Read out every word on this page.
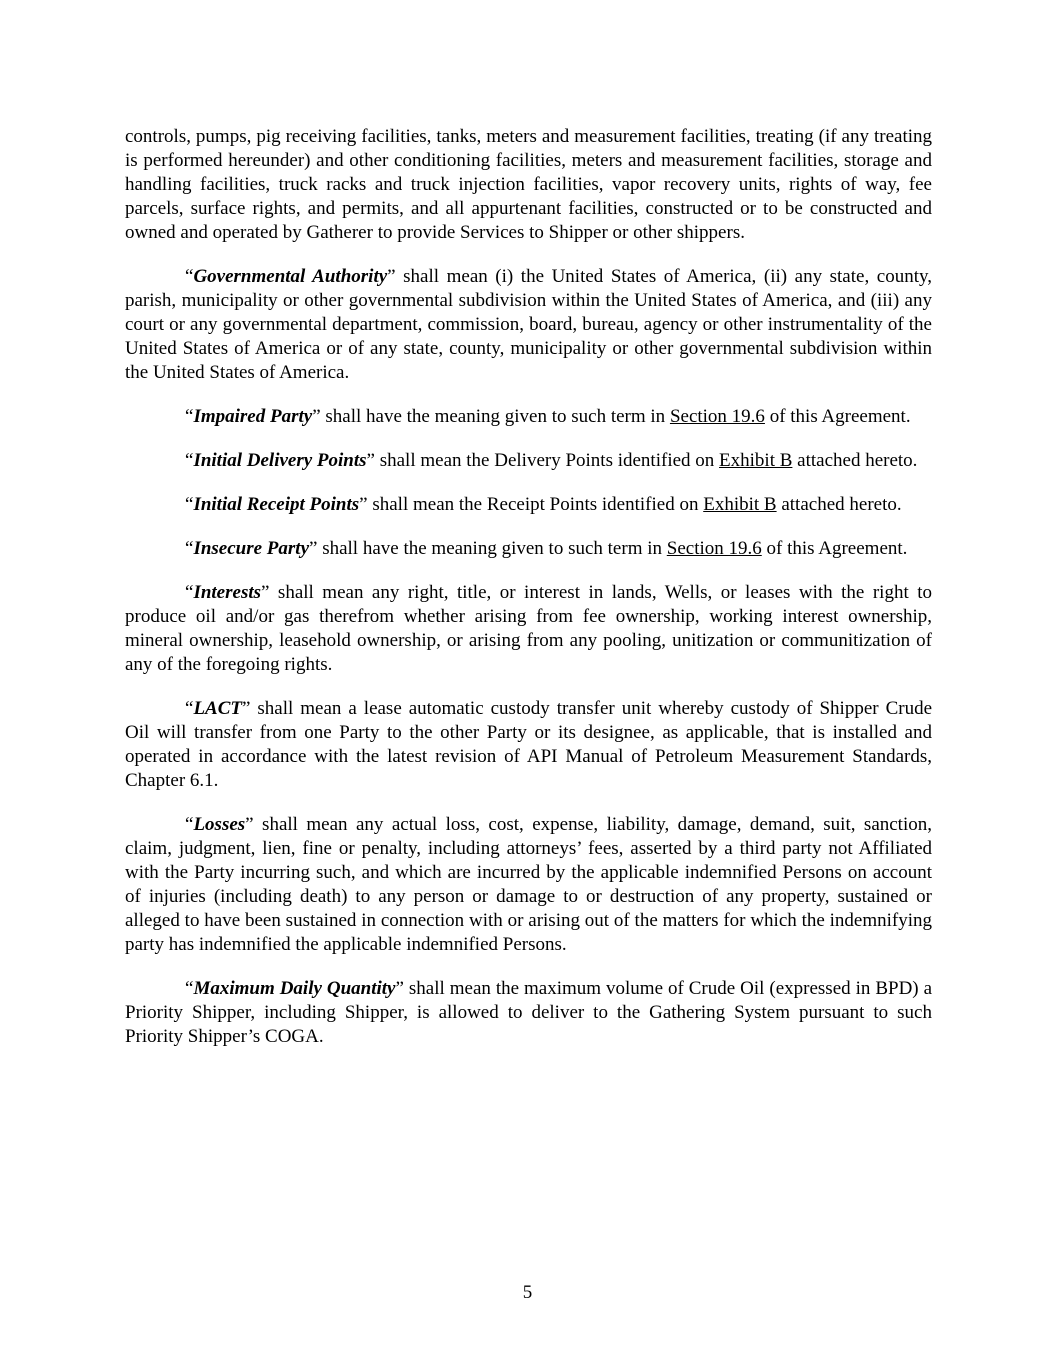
controls, pumps, pig receiving facilities, tanks, meters and measurement facilities, treating (if any treating is performed hereunder) and other conditioning facilities, meters and measurement facilities, storage and handling facilities, truck racks and truck injection facilities, vapor recovery units, rights of way, fee parcels, surface rights, and permits, and all appurtenant facilities, constructed or to be constructed and owned and operated by Gatherer to provide Services to Shipper or other shippers.

“Governmental Authority” shall mean (i) the United States of America, (ii) any state, county, parish, municipality or other governmental subdivision within the United States of America, and (iii) any court or any governmental department, commission, board, bureau, agency or other instrumentality of the United States of America or of any state, county, municipality or other governmental subdivision within the United States of America.

“Impaired Party” shall have the meaning given to such term in Section 19.6 of this Agreement.

“Initial Delivery Points” shall mean the Delivery Points identified on Exhibit B attached hereto.

“Initial Receipt Points” shall mean the Receipt Points identified on Exhibit B attached hereto.

“Insecure Party” shall have the meaning given to such term in Section 19.6 of this Agreement.

“Interests” shall mean any right, title, or interest in lands, Wells, or leases with the right to produce oil and/or gas therefrom whether arising from fee ownership, working interest ownership, mineral ownership, leasehold ownership, or arising from any pooling, unitization or communitization of any of the foregoing rights.

“LACT” shall mean a lease automatic custody transfer unit whereby custody of Shipper Crude Oil will transfer from one Party to the other Party or its designee, as applicable, that is installed and operated in accordance with the latest revision of API Manual of Petroleum Measurement Standards, Chapter 6.1.

“Losses” shall mean any actual loss, cost, expense, liability, damage, demand, suit, sanction, claim, judgment, lien, fine or penalty, including attorneys’ fees, asserted by a third party not Affiliated with the Party incurring such, and which are incurred by the applicable indemnified Persons on account of injuries (including death) to any person or damage to or destruction of any property, sustained or alleged to have been sustained in connection with or arising out of the matters for which the indemnifying party has indemnified the applicable indemnified Persons.

“Maximum Daily Quantity” shall mean the maximum volume of Crude Oil (expressed in BPD) a Priority Shipper, including Shipper, is allowed to deliver to the Gathering System pursuant to such Priority Shipper’s COGA.

5
